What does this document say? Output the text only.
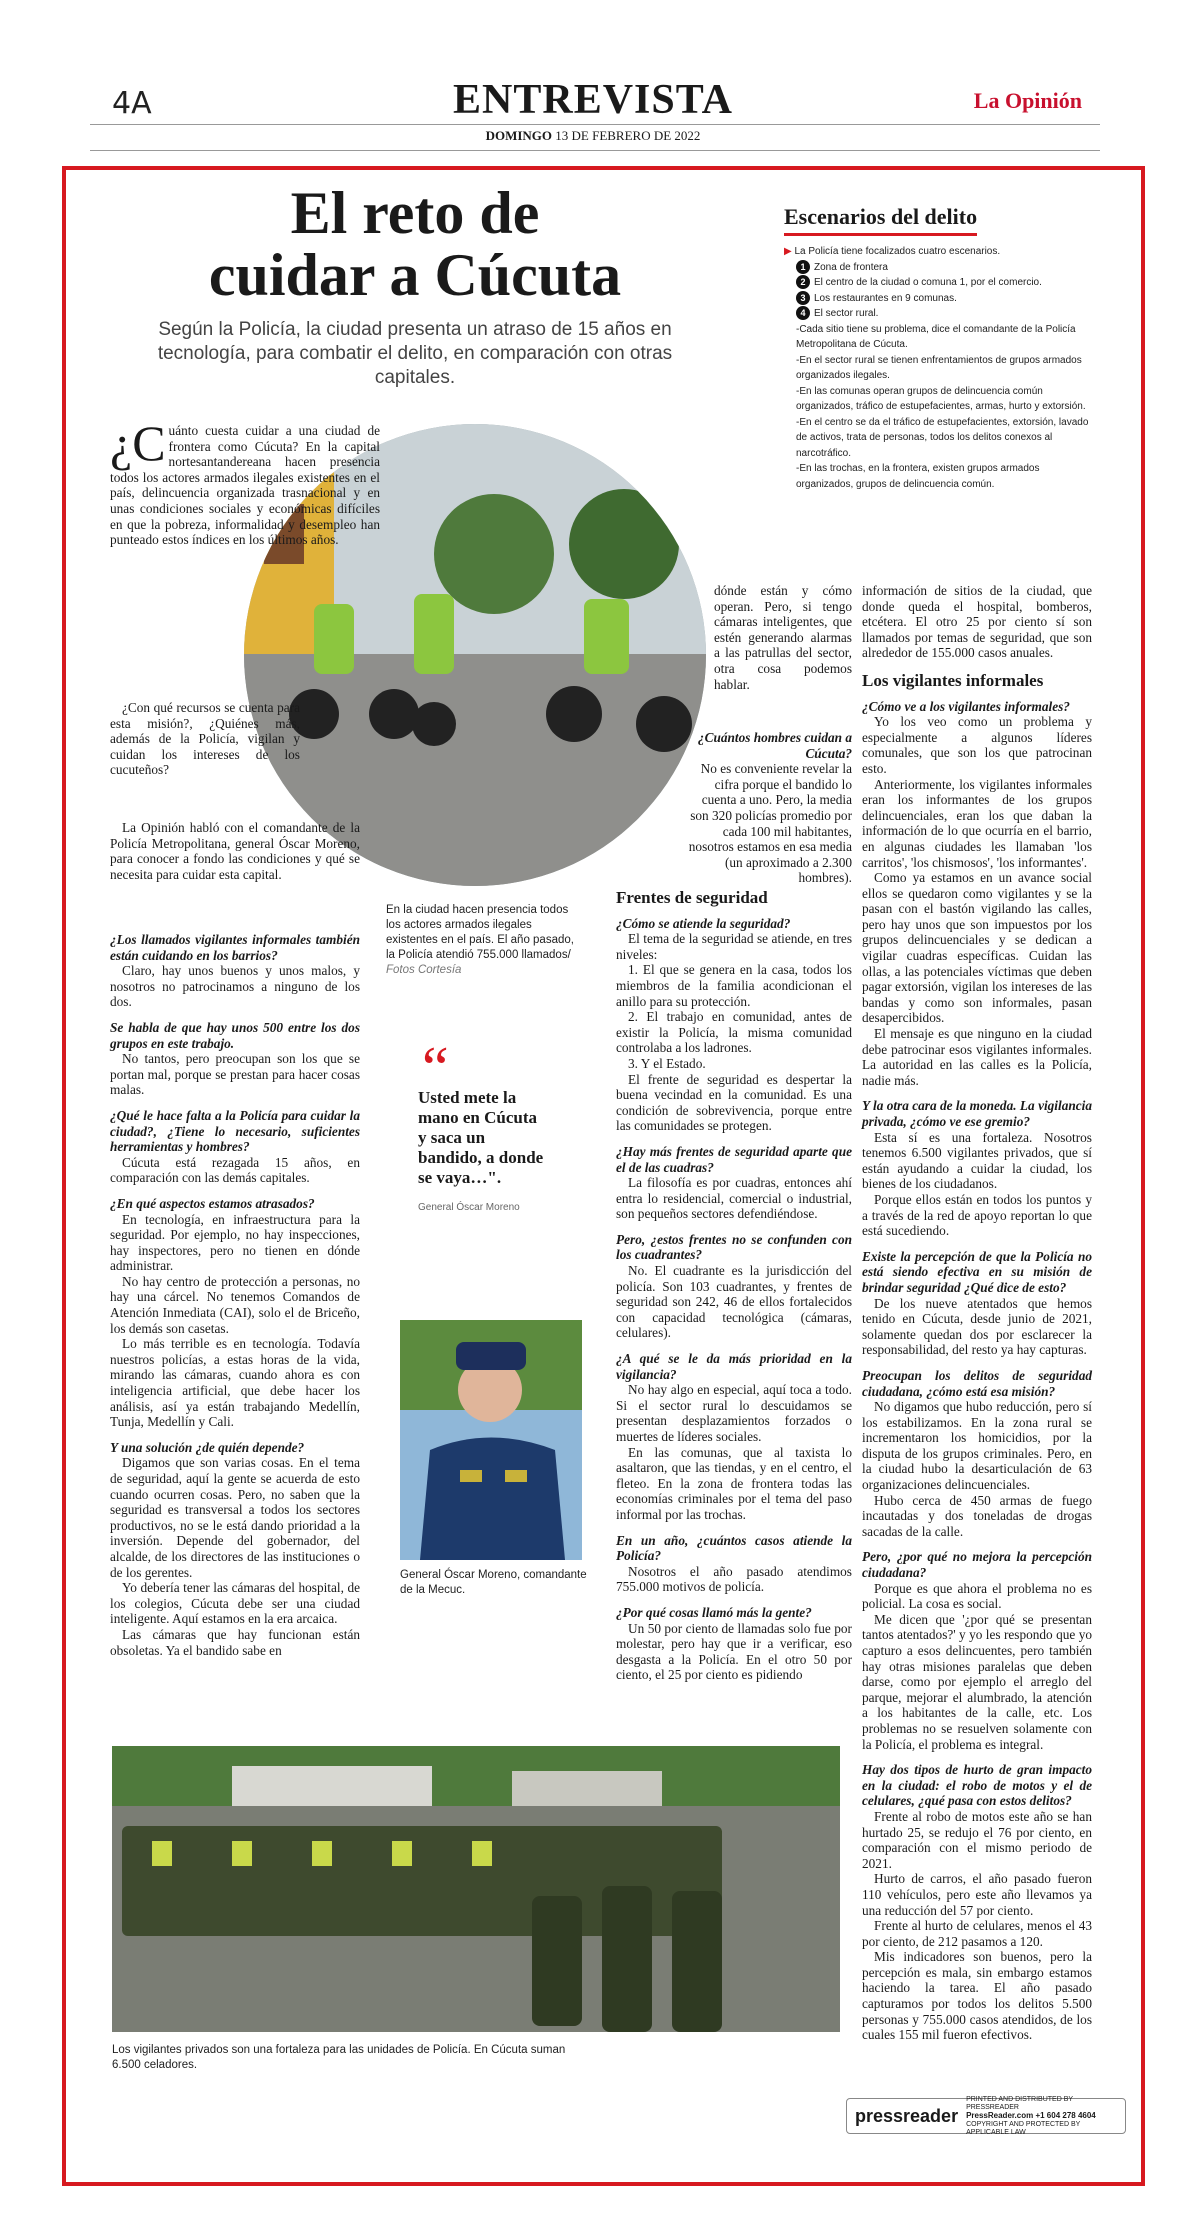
4A	ENTREVISTA	La Opinión
DOMINGO 13 DE FEBRERO DE 2022
El reto de
cuidar a Cúcuta
Según la Policía, la ciudad presenta un atraso de 15 años en tecnología, para combatir el delito, en comparación con otras capitales.

¿C uánto cuesta cuidar a una ciudad de frontera como Cúcuta? En la capital nortesantandereana hacen presencia todos los actores armados ilegales existentes en el país, delincuencia organizada trasnacional y en unas condiciones sociales y económicas difíciles en que la pobreza, informalidad y desempleo han punteado estos índices en los últimos años.

¿Con qué recursos se cuenta para esta misión?, ¿Quiénes más, además de la Policía, vigilan y cuidan los intereses de los cucuteños?

La Opinión habló con el comandante de la Policía Metropolitana, general Óscar Moreno, para conocer a fondo las condiciones y qué se necesita para cuidar esta capital.

¿Los llamados vigilantes informales también están cuidando en los barrios?

Claro, hay unos buenos y unos malos, y nosotros no patrocinamos a ninguno de los dos.

Se habla de que hay unos 500 entre los dos grupos en este trabajo.

No tantos, pero preocupan son los que se portan mal, porque se prestan para hacer cosas malas.

¿Qué le hace falta a la Policía para cuidar la ciudad?, ¿Tiene lo necesario, suficientes herramientas y hombres?

Cúcuta está rezagada 15 años, en comparación con las demás capitales.

¿En qué aspectos estamos atrasados?

En tecnología, en infraestructura para la seguridad. Por ejemplo, no hay inspecciones, hay inspectores, pero no tienen en dónde administrar.

No hay centro de protección a personas, no hay una cárcel. No tenemos Comandos de Atención Inmediata (CAI), solo el de Briceño, los demás son casetas.

Lo más terrible es en tecnología. Todavía nuestros policías, a estas horas de la vida, mirando las cámaras, cuando ahora es con inteligencia artificial, que debe hacer los análisis, así ya están trabajando Medellín, Tunja, Medellín y Cali.

Y una solución ¿de quién depende?

Digamos que son varias cosas. En el tema de seguridad, aquí la gente se acuerda de esto cuando ocurren cosas. Pero, no saben que la seguridad es transversal a todos los sectores productivos, no se le está dando prioridad a la inversión. Depende del gobernador, del alcalde, de los directores de las instituciones o de los gerentes.

Yo debería tener las cámaras del hospital, de los colegios, Cúcuta debe ser una ciudad inteligente. Aquí estamos en la era arcaica.

Las cámaras que hay funcionan están obsoletas. Ya el bandido sabe en

En la ciudad hacen presencia todos los actores armados ilegales existentes en el país. El año pasado, la Policía atendió 755.000 llamados/ Fotos Cortesía
“
Usted mete la mano en Cúcuta y saca un bandido, a donde se vaya…".
General Óscar Moreno
General Óscar Moreno, comandante de la Mecuc.

dónde están y cómo operan. Pero, si tengo cámaras inteligentes, que estén generando alarmas a las patrullas del sector, otra cosa podemos hablar.

¿Cuántos hombres cuidan a Cúcuta?

No es conveniente revelar la cifra porque el bandido lo cuenta a uno. Pero, la media son 320 policías promedio por cada 100 mil habitantes, nosotros estamos en esa media (un aproximado a 2.300 hombres).

Frentes de seguridad
¿Cómo se atiende la seguridad?

El tema de la seguridad se atiende, en tres niveles:

1. El que se genera en la casa, todos los miembros de la familia acondicionan el anillo para su protección.

2. El trabajo en comunidad, antes de existir la Policía, la misma comunidad controlaba a los ladrones.

3. Y el Estado.

El frente de seguridad es despertar la buena vecindad en la comunidad. Es una condición de sobrevivencia, porque entre las comunidades se protegen.

¿Hay más frentes de seguridad aparte que el de las cuadras?

La filosofía es por cuadras, entonces ahí entra lo residencial, comercial o industrial, son pequeños sectores defendiéndose.

Pero, ¿estos frentes no se confunden con los cuadrantes?

No. El cuadrante es la jurisdicción del policía. Son 103 cuadrantes, y frentes de seguridad son 242, 46 de ellos fortalecidos con capacidad tecnológica (cámaras, celulares).

¿A qué se le da más prioridad en la vigilancia?

No hay algo en especial, aquí toca a todo. Si el sector rural lo descuidamos se presentan desplazamientos forzados o muertes de líderes sociales.

En las comunas, que al taxista lo asaltaron, que las tiendas, y en el centro, el fleteo. En la zona de frontera todas las economías criminales por el tema del paso informal por las trochas.

En un año, ¿cuántos casos atiende la Policía?

Nosotros el año pasado atendimos 755.000 motivos de policía.

¿Por qué cosas llamó más la gente?

Un 50 por ciento de llamadas solo fue por molestar, pero hay que ir a verificar, eso desgasta a la Policía. En el otro 50 por ciento, el 25 por ciento es pidiendo

información de sitios de la ciudad, que donde queda el hospital, bomberos, etcétera. El otro 25 por ciento sí son llamados por temas de seguridad, que son alrededor de 155.000 casos anuales.

Los vigilantes informales
¿Cómo ve a los vigilantes informales?

Yo los veo como un problema y especialmente a algunos líderes comunales, que son los que patrocinan esto.

Anteriormente, los vigilantes informales eran los informantes de los grupos delincuenciales, eran los que daban la información de lo que ocurría en el barrio, en algunas ciudades les llamaban 'los carritos', 'los chismosos', 'los informantes'.

Como ya estamos en un avance social ellos se quedaron como vigilantes y se la pasan con el bastón vigilando las calles, pero hay unos que son impuestos por los grupos delincuenciales y se dedican a vigilar cuadras específicas. Cuidan las ollas, a las potenciales víctimas que deben pagar extorsión, vigilan los intereses de las bandas y como son informales, pasan desapercibidos.

El mensaje es que ninguno en la ciudad debe patrocinar esos vigilantes informales. La autoridad en las calles es la Policía, nadie más.

Y la otra cara de la moneda. La vigilancia privada, ¿cómo ve ese gremio?

Esta sí es una fortaleza. Nosotros tenemos 6.500 vigilantes privados, que sí están ayudando a cuidar la ciudad, los bienes de los ciudadanos.

Porque ellos están en todos los puntos y a través de la red de apoyo reportan lo que está sucediendo.

Existe la percepción de que la Policía no está siendo efectiva en su misión de brindar seguridad ¿Qué dice de esto?

De los nueve atentados que hemos tenido en Cúcuta, desde junio de 2021, solamente quedan dos por esclarecer la responsabilidad, del resto ya hay capturas.

Preocupan los delitos de seguridad ciudadana, ¿cómo está esa misión?

No digamos que hubo reducción, pero sí los estabilizamos. En la zona rural se incrementaron los homicidios, por la disputa de los grupos criminales. Pero, en la ciudad hubo la desarticulación de 63 organizaciones delincuenciales.

Hubo cerca de 450 armas de fuego incautadas y dos toneladas de drogas sacadas de la calle.

Pero, ¿por qué no mejora la percepción ciudadana?

Porque es que ahora el problema no es policial. La cosa es social.

Me dicen que '¿por qué se presentan tantos atentados?' y yo les respondo que yo capturo a esos delincuentes, pero también hay otras misiones paralelas que deben darse, como por ejemplo el arreglo del parque, mejorar el alumbrado, la atención a los habitantes de la calle, etc. Los problemas no se resuelven solamente con la Policía, el problema es integral.

Hay dos tipos de hurto de gran impacto en la ciudad: el robo de motos y el de celulares, ¿qué pasa con estos delitos?

Frente al robo de motos este año se han hurtado 25, se redujo el 76 por ciento, en comparación con el mismo periodo de 2021.

Hurto de carros, el año pasado fueron 110 vehículos, pero este año llevamos ya una reducción del 57 por ciento.

Frente al hurto de celulares, menos el 43 por ciento, de 212 pasamos a 120.

Mis indicadores son buenos, pero la percepción es mala, sin embargo estamos haciendo la tarea. El año pasado capturamos por todos los delitos 5.500 personas y 755.000 casos atendidos, de los cuales 155 mil fueron efectivos.

Escenarios del delito
▶ La Policía tiene focalizados cuatro escenarios.
1 Zona de frontera
2 El centro de la ciudad o comuna 1, por el comercio.
3 Los restaurantes en 9 comunas.
4 El sector rural.
-Cada sitio tiene su problema, dice el comandante de la Policía Metropolitana de Cúcuta.
-En el sector rural se tienen enfrentamientos de grupos armados organizados ilegales.
-En las comunas operan grupos de delincuencia común organizados, tráfico de estupefacientes, armas, hurto y extorsión.
-En el centro se da el tráfico de estupefacientes, extorsión, lavado de activos, trata de personas, todos los delitos conexos al narcotráfico.
-En las trochas, en la frontera, existen grupos armados organizados, grupos de delincuencia común.
Los vigilantes privados son una fortaleza para las unidades de Policía. En Cúcuta suman 6.500 celadores.
pressreader
PRINTED AND DISTRIBUTED BY PRESSREADER
PressReader.com +1 604 278 4604
COPYRIGHT AND PROTECTED BY APPLICABLE LAW
